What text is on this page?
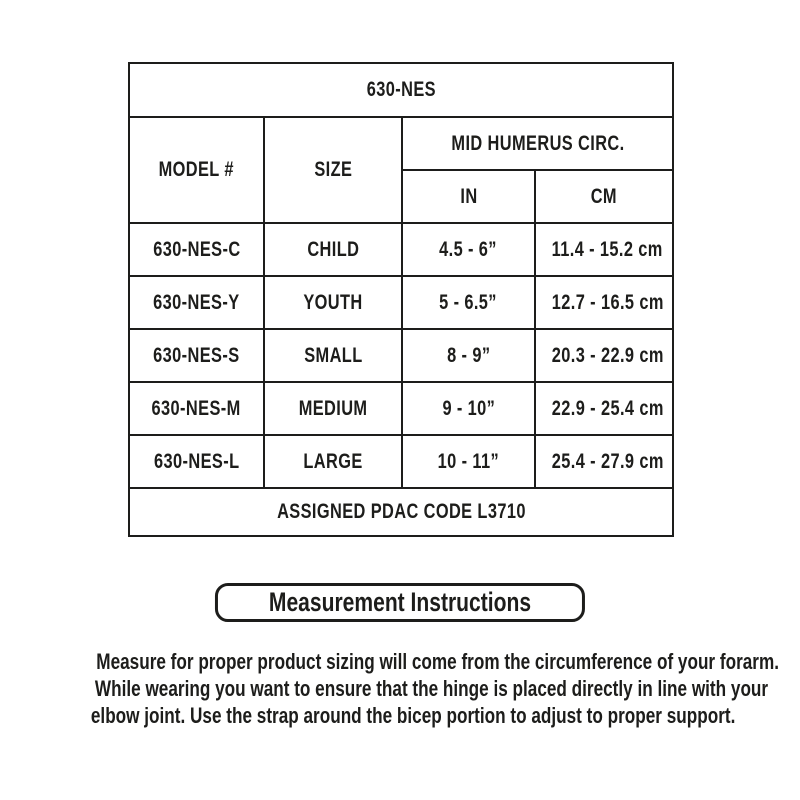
630-NES			
MODEL #	SIZE	MID HUMERUS CIRC.	
		IN	CM
630-NES-C	CHILD	4.5 - 6”	11.4 - 15.2 cm
630-NES-Y	YOUTH	5 - 6.5”	12.7 - 16.5 cm
630-NES-S	SMALL	8 - 9”	20.3 - 22.9 cm
630-NES-M	MEDIUM	9 - 10”	22.9 - 25.4 cm
630-NES-L	LARGE	10 - 11”	25.4 - 27.9 cm
ASSIGNED PDAC CODE L3710			
Measurement Instructions
Measure for proper product sizing will come from the circumference of your forarm.
While wearing you want to ensure that the hinge is placed directly in line with your
elbow joint. Use the strap around the bicep portion to adjust to proper support.
